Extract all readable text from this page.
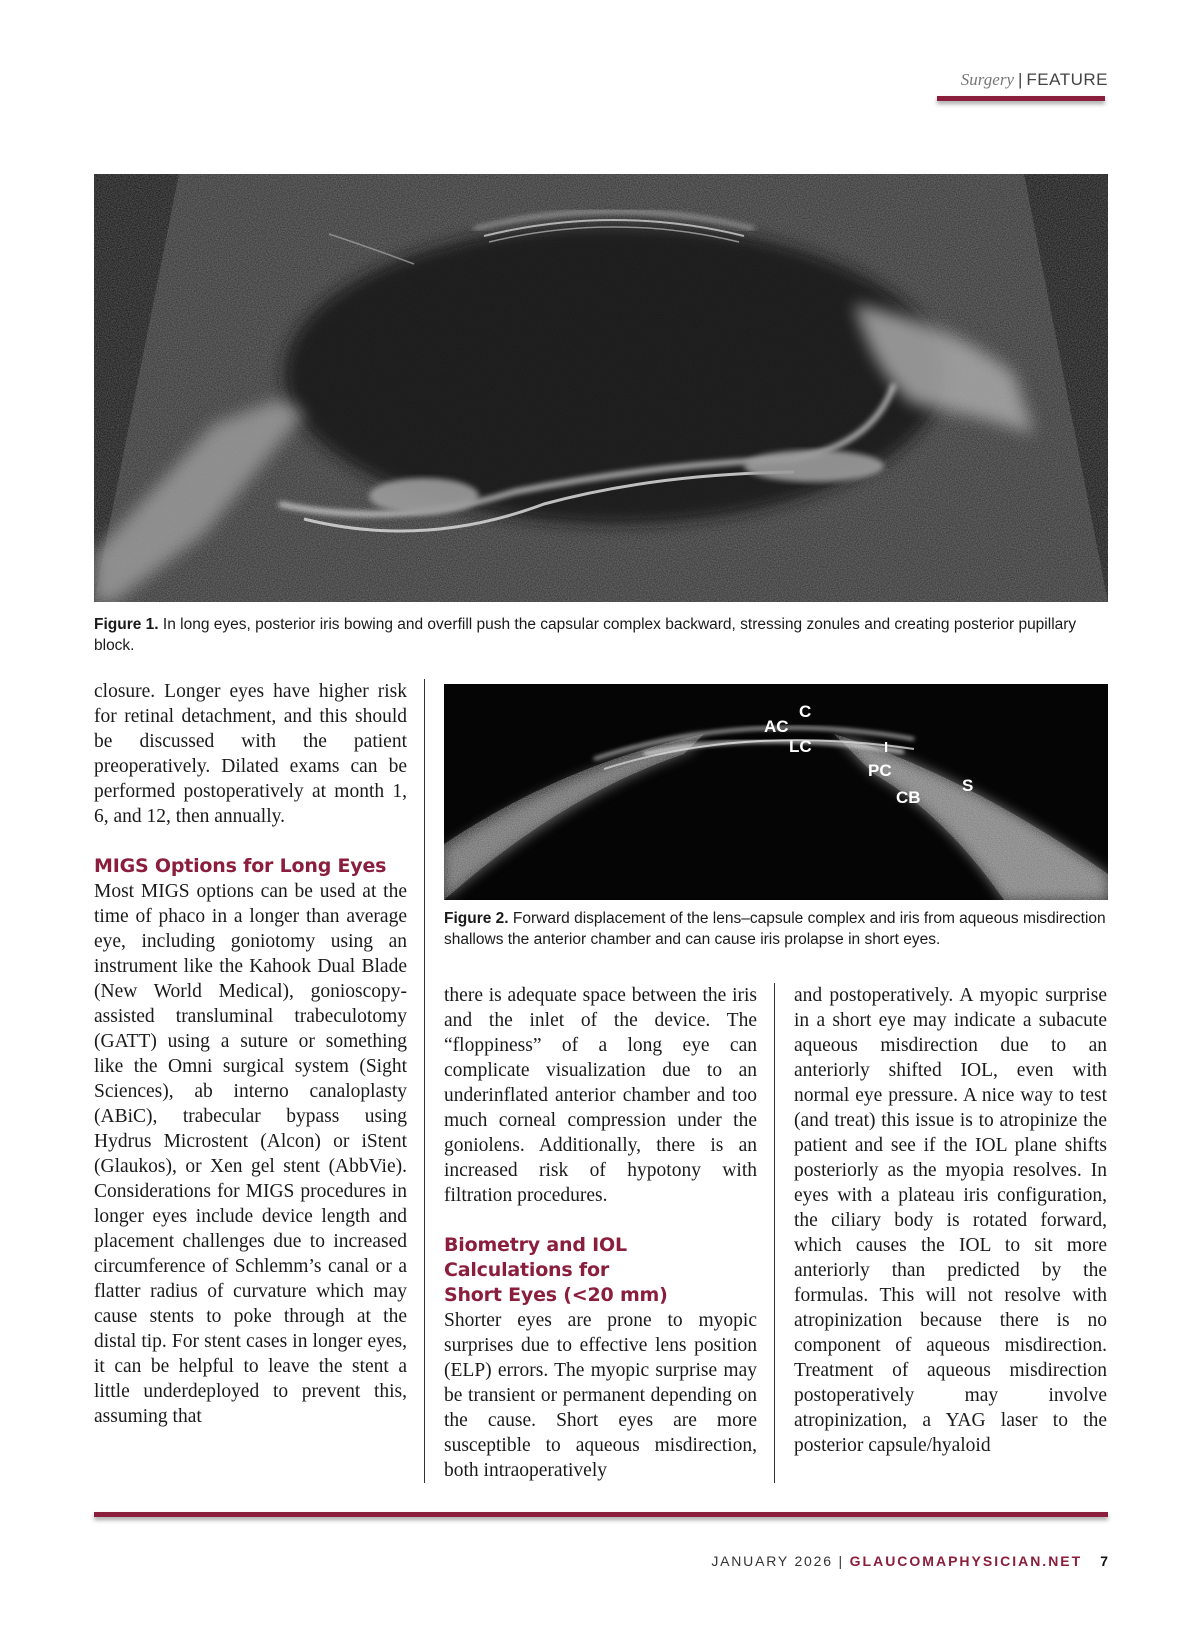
Surgery | FEATURE
Figure 1. In long eyes, posterior iris bowing and overfill push the capsular complex backward, stressing zonules and creating posterior pupillary block.

closure. Longer eyes have higher risk for retinal detachment, and this should be discussed with the patient preoperatively. Dilated exams can be performed postoperatively at month 1, 6, and 12, then annually.

MIGS Options for Long Eyes

Most MIGS options can be used at the time of phaco in a longer than average eye, including goniotomy using an instrument like the Kahook Dual Blade (New World Medical), gonioscopy-assisted transluminal trabeculotomy (GATT) using a suture or something like the Omni surgical system (Sight Sciences), ab interno canaloplasty (ABiC), trabecular bypass using Hydrus Microstent (Alcon) or iStent (Glaukos), or Xen gel stent (AbbVie). Considerations for MIGS procedures in longer eyes include device length and placement challenges due to increased circumference of Schlemm’s canal or a flatter radius of curvature which may cause stents to poke through at the distal tip. For stent cases in longer eyes, it can be helpful to leave the stent a little underdeployed to prevent this, assuming that

C
AC
LC	I
PC
CB
S
Figure 2. Forward displacement of the lens–capsule complex and iris from aqueous misdirection shallows the anterior chamber and can cause iris prolapse in short eyes.

there is adequate space between the iris and the inlet of the device. The “floppiness” of a long eye can complicate visualization due to an underinflated anterior chamber and too much corneal compression under the goniolens. Additionally, there is an increased risk of hypotony with filtration procedures.

Biometry and IOL
Calculations for
Short Eyes (<20 mm)

Shorter eyes are prone to myopic surprises due to effective lens position (ELP) errors. The myopic surprise may be transient or permanent depending on the cause. Short eyes are more susceptible to aqueous misdirection, both intraoperatively

and postoperatively. A myopic surprise in a short eye may indicate a subacute aqueous misdirection due to an anteriorly shifted IOL, even with normal eye pressure. A nice way to test (and treat) this issue is to atropinize the patient and see if the IOL plane shifts posteriorly as the myopia resolves. In eyes with a plateau iris configuration, the ciliary body is rotated forward, which causes the IOL to sit more anteriorly than predicted by the formulas. This will not resolve with atropinization because there is no component of aqueous misdirection. Treatment of aqueous misdirection postoperatively may involve atropinization, a YAG laser to the posterior capsule/hyaloid

JANUARY 2026 | GLAUCOMAPHYSICIAN.NET 7
